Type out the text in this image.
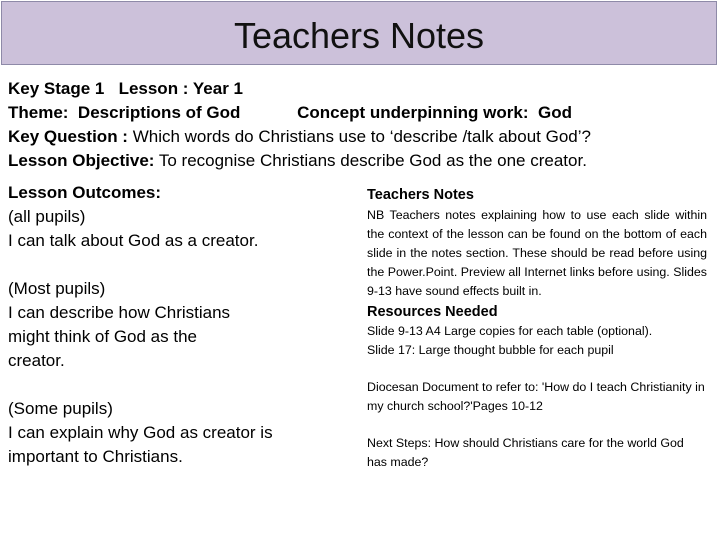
Teachers Notes
Key Stage 1 Lesson : Year 1
Theme: Descriptions of God	Concept underpinning work: God
Key Question : Which words do Christians use to ‘describe /talk about God’?
Lesson Objective: To recognise Christians describe God as the one creator.
Lesson Outcomes:
(all pupils)
I can talk about God as a creator.
(Most pupils)
I can describe how Christians might think of God as the creator.
(Some pupils)
I can explain why God as creator is important to Christians.
Teachers Notes
NB Teachers notes explaining how to use each slide within the context of the lesson can be found on the bottom of each slide in the notes section. These should be read before using the Power.Point. Preview all Internet links before using. Slides 9-13 have sound effects built in.
Resources Needed
Slide 9-13 A4 Large copies for each table (optional).
Slide 17: Large thought bubble for each pupil
Diocesan Document to refer to: 'How do I teach Christianity in my church school?'Pages 10-12
Next Steps: How should Christians care for the world God has made?
